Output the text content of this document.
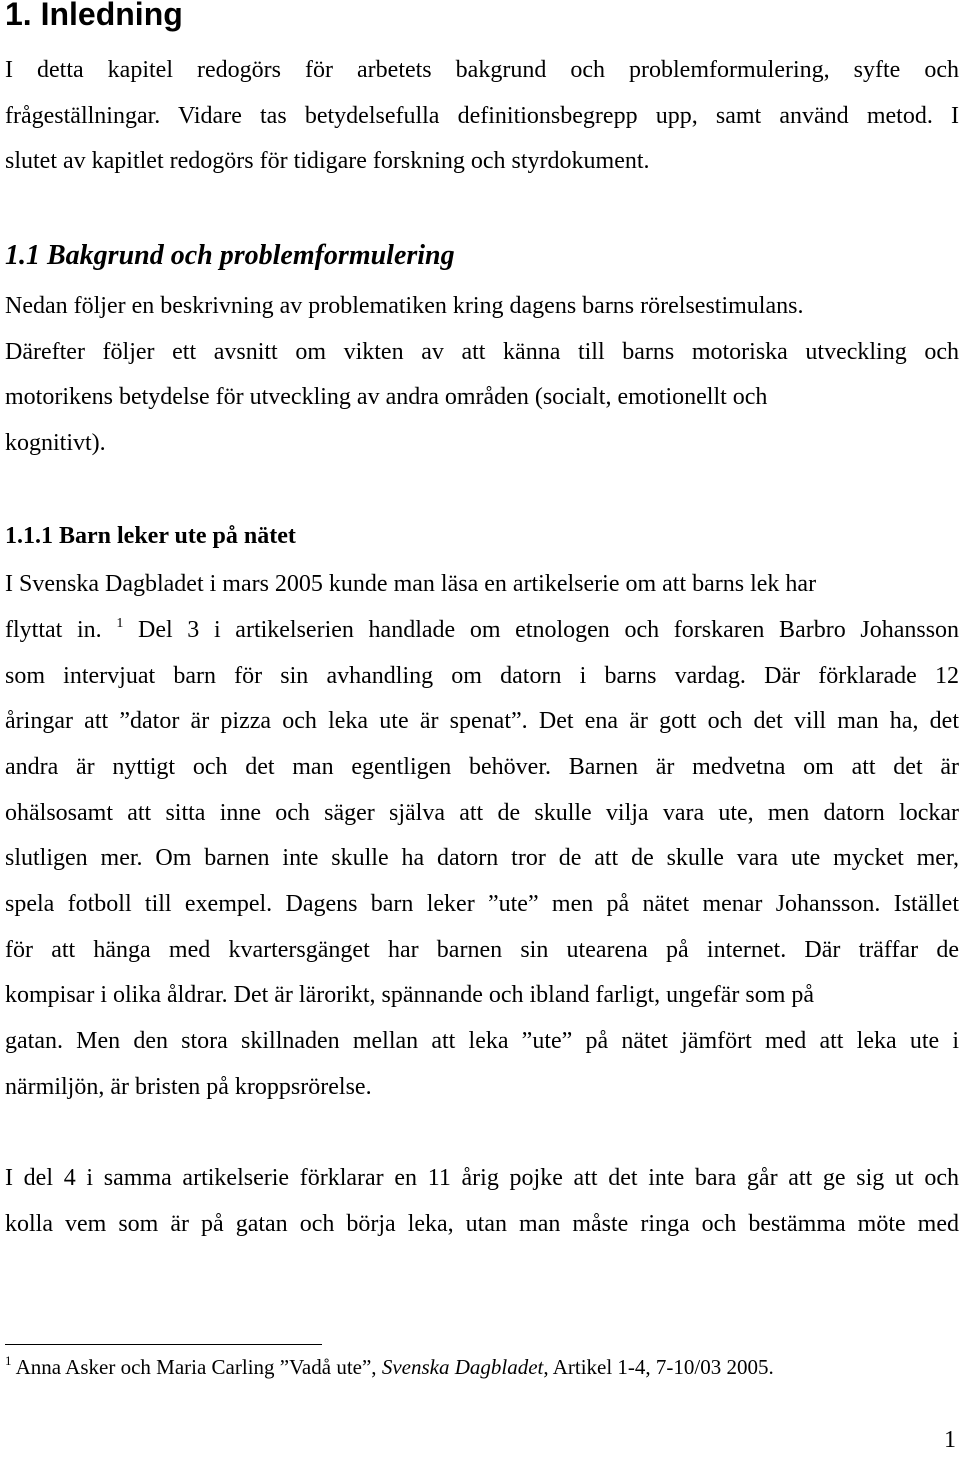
1. Inledning
I detta kapitel redogörs för arbetets bakgrund och problemformulering, syfte och
frågeställningar. Vidare tas betydelsefulla definitionsbegrepp upp, samt använd metod. I
slutet av kapitlet redogörs för tidigare forskning och styrdokument.
1.1 Bakgrund och problemformulering
Nedan följer en beskrivning av problematiken kring dagens barns rörelsestimulans.
Därefter följer ett avsnitt om vikten av att känna till barns motoriska utveckling och
motorikens betydelse för utveckling av andra områden (socialt, emotionellt och
kognitivt).
1.1.1 Barn leker ute på nätet
I Svenska Dagbladet i mars 2005 kunde man läsa en artikelserie om att barns lek har
flyttat in. $^1$ Del 3 i artikelserien handlade om etnologen och forskaren Barbro Johansson
som intervjuat barn för sin avhandling om datorn i barns vardag. Där förklarade 12
åringar att ”dator är pizza och leka ute är spenat”. Det ena är gott och det vill man ha, det
andra är nyttigt och det man egentligen behöver. Barnen är medvetna om att det är
ohälsosamt att sitta inne och säger själva att de skulle vilja vara ute, men datorn lockar
slutligen mer. Om barnen inte skulle ha datorn tror de att de skulle vara ute mycket mer,
spela fotboll till exempel. Dagens barn leker ”ute” men på nätet menar Johansson. Istället
för att hänga med kvartersgänget har barnen sin utearena på internet. Där träffar de
kompisar i olika åldrar. Det är lärorikt, spännande och ibland farligt, ungefär som på
gatan. Men den stora skillnaden mellan att leka ”ute” på nätet jämfört med att leka ute i
närmiljön, är bristen på kroppsrörelse.
I del 4 i samma artikelserie förklarar en 11 årig pojke att det inte bara går att ge sig ut och
kolla vem som är på gatan och börja leka, utan man måste ringa och bestämma möte med
$^1$ Anna Asker och Maria Carling ”Vadå ute”, Svenska Dagbladet, Artikel 1-4, 7-10/03 2005.
1
